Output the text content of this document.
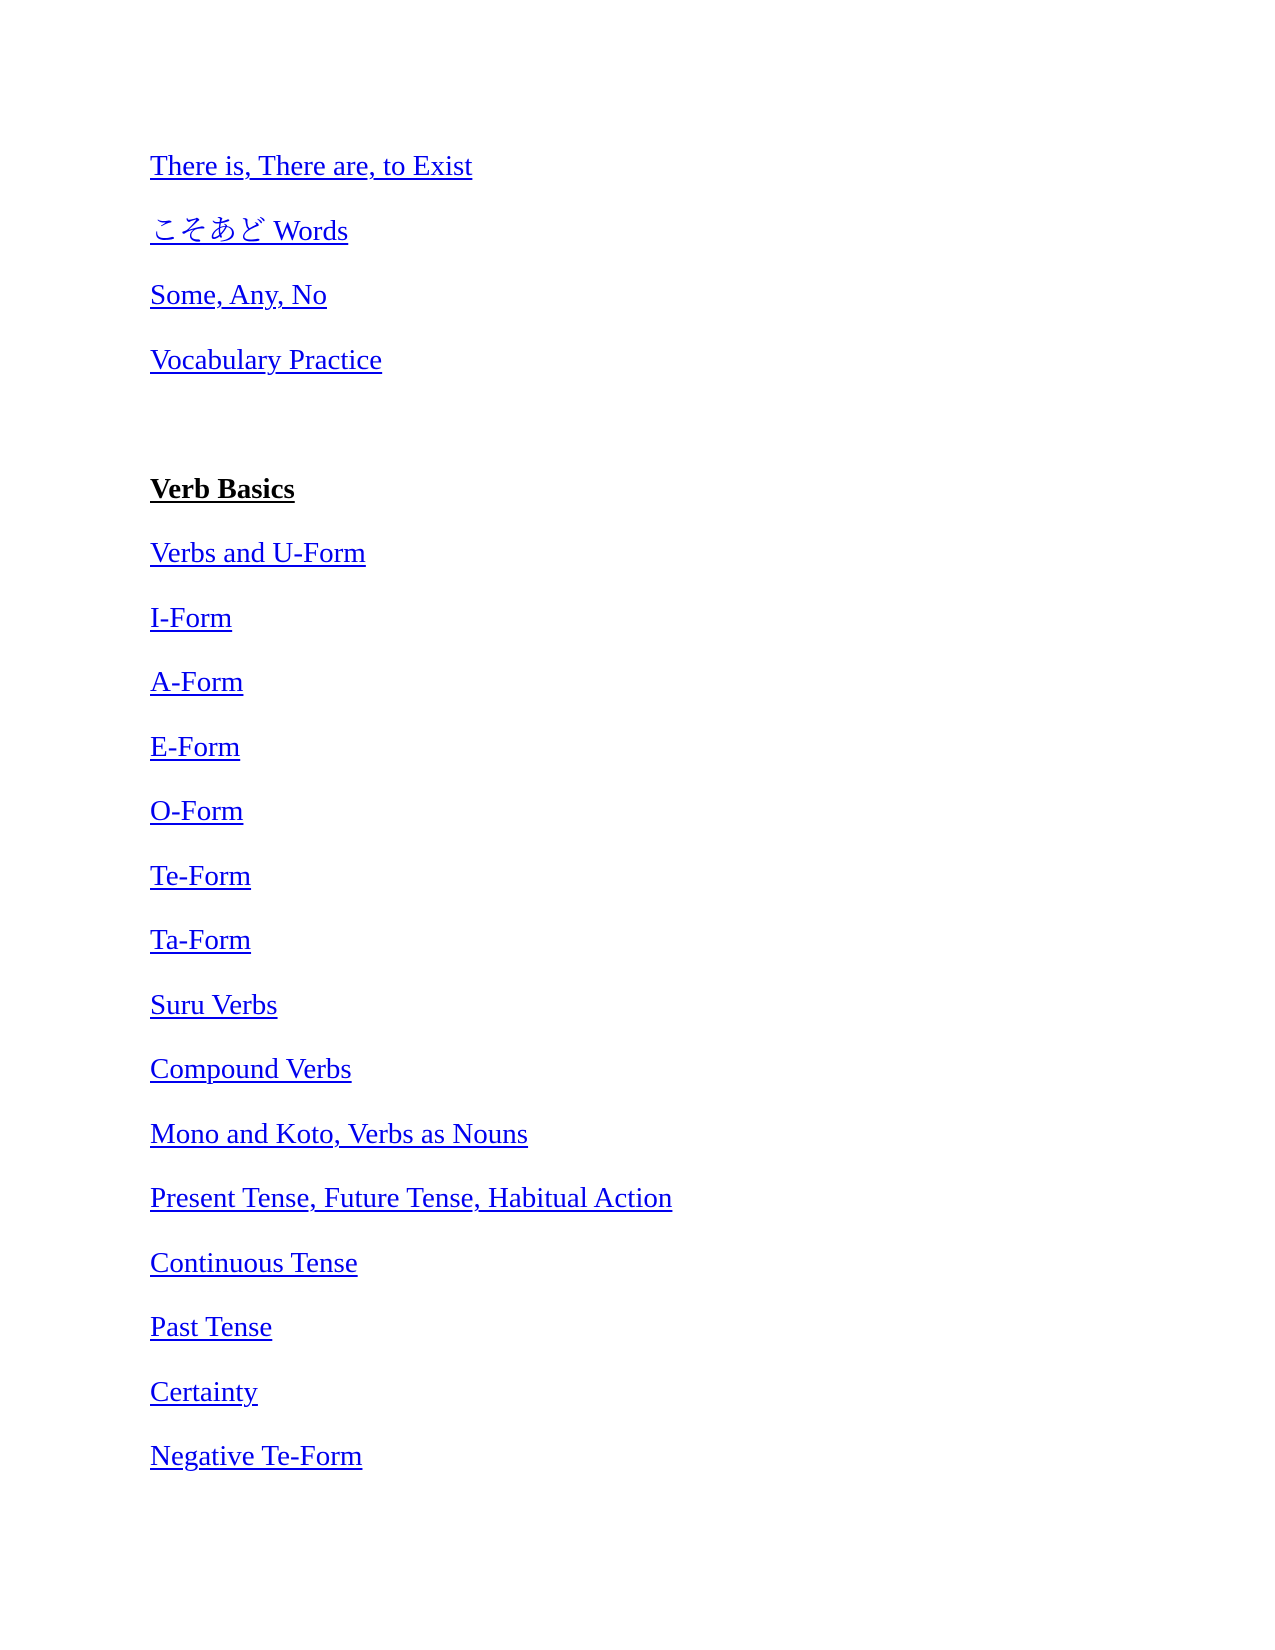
There is, There are, to Exist
こそあど Words
Some, Any, No
Vocabulary Practice
Verb Basics
Verbs and U-Form
I-Form
A-Form
E-Form
O-Form
Te-Form
Ta-Form
Suru Verbs
Compound Verbs
Mono and Koto, Verbs as Nouns
Present Tense, Future Tense, Habitual Action
Continuous Tense
Past Tense
Certainty
Negative Te-Form
